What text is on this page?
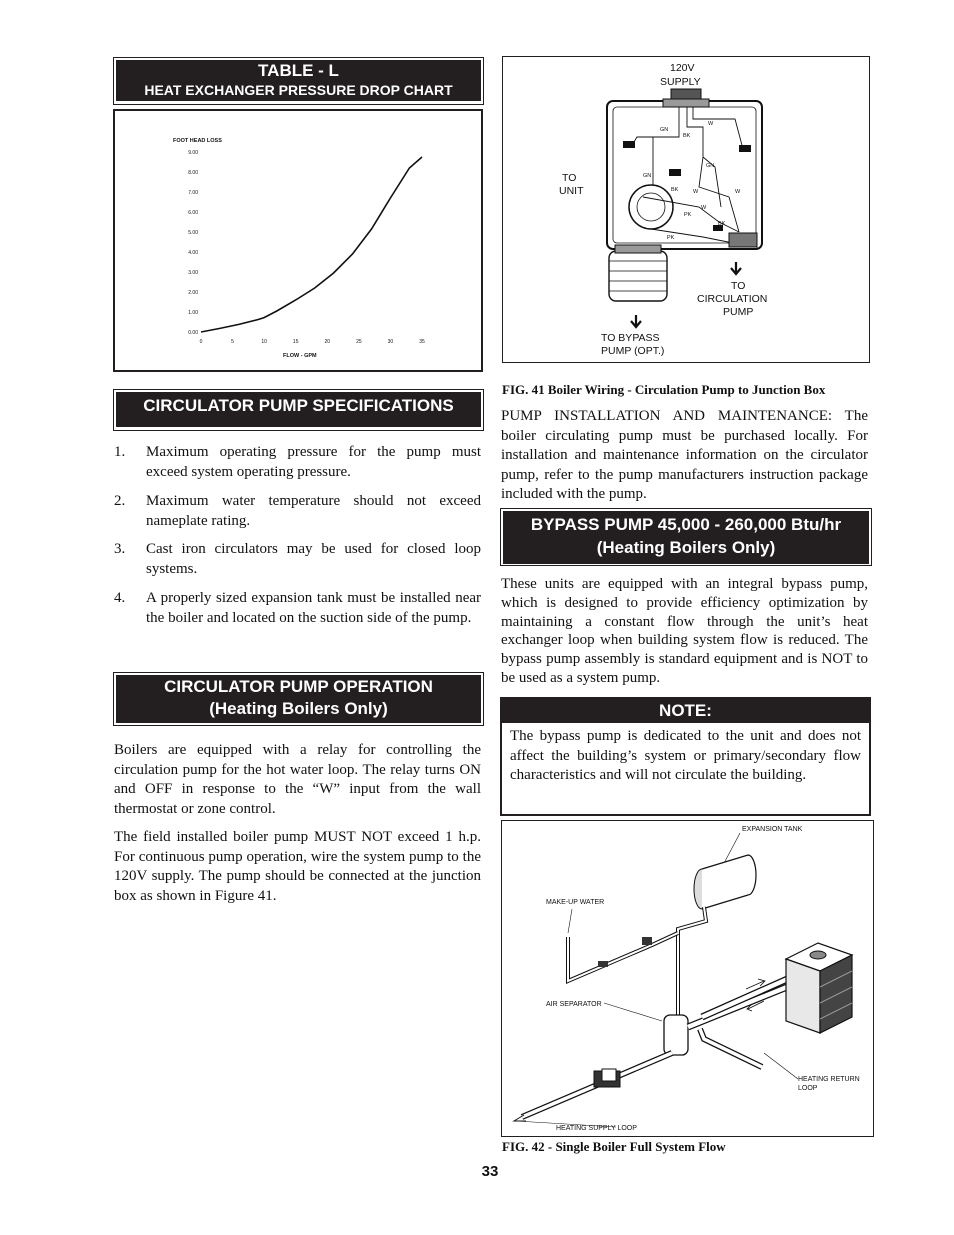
TABLE - L
HEAT EXCHANGER PRESSURE DROP CHART
FOOT HEAD LOSS
0.00
1.00
2.00
3.00
4.00
5.00
6.00
7.00
8.00
9.00
0	5	10	15	20	25	30	35
FLOW - GPM
CIRCULATOR PUMP SPECIFICATIONS
1. Maximum operating pressure for the pump must exceed system operating pressure.
2. Maximum water temperature should not exceed nameplate rating.
3. Cast iron circulators may be used for closed loop systems.
4. A properly sized expansion tank must be installed near the boiler and located on the suction side of the pump.
CIRCULATOR PUMP OPERATION
(Heating Boilers Only)

Boilers are equipped with a relay for controlling the circulation pump for the hot water loop. The relay turns ON and OFF in response to the “W” input from the wall thermostat or zone control.

The field installed boiler pump MUST NOT exceed 1 h.p. For continuous pump operation, wire the system pump to the 120V supply. The pump should be connected at the junction box as shown in Figure 41.

120V
SUPPLY
TO
UNIT
TO
CIRCULATION
PUMP
TO BYPASS
PUMP (OPT.)
GN
BK
W
GN
GN
BK	W	W
PK
W
BK
PK
FIG. 41 Boiler Wiring - Circulation Pump to Junction Box

PUMP INSTALLATION AND MAINTENANCE: The boiler circulating pump must be purchased locally. For installation and maintenance information on the circulator pump, refer to the pump manufacturers instruction package included with the pump.

BYPASS PUMP 45,000 - 260,000 Btu/hr
(Heating Boilers Only)

These units are equipped with an integral bypass pump, which is designed to provide efficiency optimization by maintaining a constant flow through the unit’s heat exchanger loop when building system flow is reduced. The bypass pump assembly is standard equipment and is NOT to be used as a system pump.

NOTE:
The bypass pump is dedicated to the unit and does not affect the building’s system or primary/secondary flow characteristics and will not circulate the building.
EXPANSION TANK
MAKE-UP WATER
AIR SEPARATOR
HEATING RETURN
LOOP
HEATING SUPPLY LOOP
FIG. 42 - Single Boiler Full System Flow
33
